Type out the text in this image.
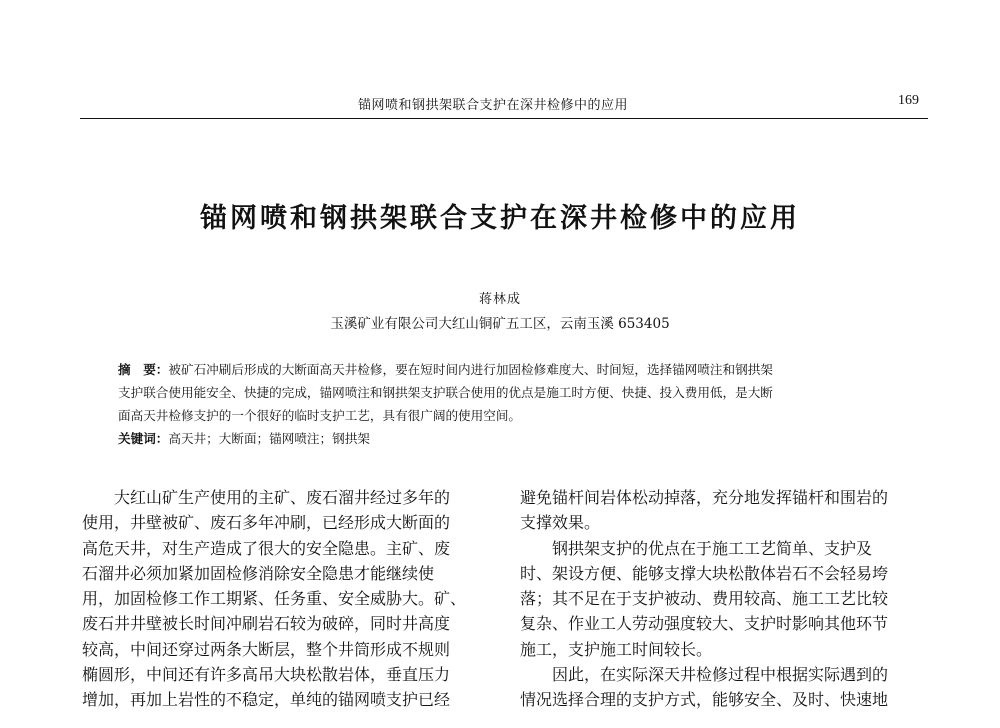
锚网喷和钢拱架联合支护在深井检修中的应用	169
锚网喷和钢拱架联合支护在深井检修中的应用
蒋林成
玉溪矿业有限公司大红山铜矿五工区，云南玉溪 653405
摘　要：被矿石冲刷后形成的大断面高天井检修，要在短时间内进行加固检修难度大、时间短，选择锚网喷注和钢拱架
支护联合使用能安全、快捷的完成，锚网喷注和钢拱架支护联合使用的优点是施工时方便、快捷、投入费用低，是大断
面高天井检修支护的一个很好的临时支护工艺，具有很广阔的使用空间。
关键词：高天井；大断面；锚网喷注；钢拱架
　　大红山矿生产使用的主矿、废石溜井经过多年的
使用，井壁被矿、废石多年冲刷，已经形成大断面的
高危天井，对生产造成了很大的安全隐患。主矿、废
石溜井必须加紧加固检修消除安全隐患才能继续使
用，加固检修工作工期紧、任务重、安全威胁大。矿、
废石井井壁被长时间冲刷岩石较为破碎，同时井高度
较高，中间还穿过两条大断层，整个井筒形成不规则
椭圆形，中间还有许多高吊大块松散岩体，垂直压力
增加，再加上岩性的不稳定，单纯的锚网喷支护已经
避免锚杆间岩体松动掉落，充分地发挥锚杆和围岩的
支撑效果。
　　钢拱架支护的优点在于施工工艺简单、支护及
时、架设方便、能够支撑大块松散体岩石不会轻易垮
落；其不足在于支护被动、费用较高、施工工艺比较
复杂、作业工人劳动强度较大、支护时影响其他环节
施工，支护施工时间较长。
　　因此，在实际深天井检修过程中根据实际遇到的
情况选择合理的支护方式，能够安全、及时、快速地
